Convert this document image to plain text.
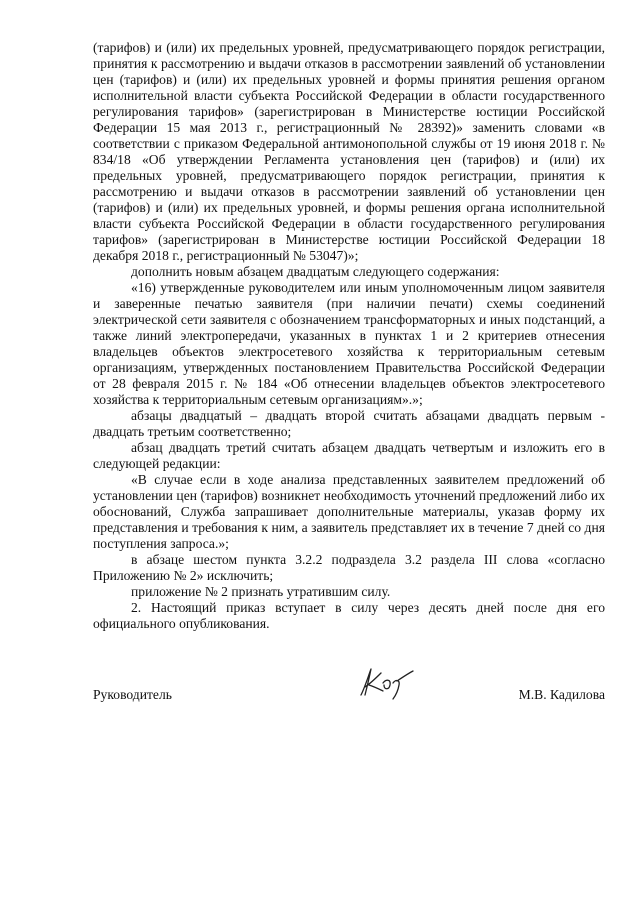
(тарифов) и (или) их предельных уровней, предусматривающего порядок регистрации, принятия к рассмотрению и выдачи отказов в рассмотрении заявлений об установлении цен (тарифов) и (или) их предельных уровней и формы принятия решения органом исполнительной власти субъекта Российской Федерации в области государственного регулирования тарифов» (зарегистрирован в Министерстве юстиции Российской Федерации 15 мая 2013 г., регистрационный № 28392)» заменить словами «в соответствии с приказом Федеральной антимонопольной службы от 19 июня 2018 г. № 834/18 «Об утверждении Регламента установления цен (тарифов) и (или) их предельных уровней, предусматривающего порядок регистрации, принятия к рассмотрению и выдачи отказов в рассмотрении заявлений об установлении цен (тарифов) и (или) их предельных уровней, и формы решения органа исполнительной власти субъекта Российской Федерации в области государственного регулирования тарифов» (зарегистрирован в Министерстве юстиции Российской Федерации 18 декабря 2018 г., регистрационный № 53047)»;

дополнить новым абзацем двадцатым следующего содержания:

«16) утвержденные руководителем или иным уполномоченным лицом заявителя и заверенные печатью заявителя (при наличии печати) схемы соединений электрической сети заявителя с обозначением трансформаторных и иных подстанций, а также линий электропередачи, указанных в пунктах 1 и 2 критериев отнесения владельцев объектов электросетевого хозяйства к территориальным сетевым организациям, утвержденных постановлением Правительства Российской Федерации от 28 февраля 2015 г. № 184 «Об отнесении владельцев объектов электросетевого хозяйства к территориальным сетевым организациям».»;

абзацы двадцатый – двадцать второй считать абзацами двадцать первым - двадцать третьим соответственно;

абзац двадцать третий считать абзацем двадцать четвертым и изложить его в следующей редакции:

«В случае если в ходе анализа представленных заявителем предложений об установлении цен (тарифов) возникнет необходимость уточнений предложений либо их обоснований, Служба запрашивает дополнительные материалы, указав форму их представления и требования к ним, а заявитель представляет их в течение 7 дней со дня поступления запроса.»;

в абзаце шестом пункта 3.2.2 подраздела 3.2 раздела III слова «согласно Приложению № 2» исключить;

приложение № 2 признать утратившим силу.

2. Настоящий приказ вступает в силу через десять дней после дня его официального опубликования.

Руководитель	М.В. Кадилова
